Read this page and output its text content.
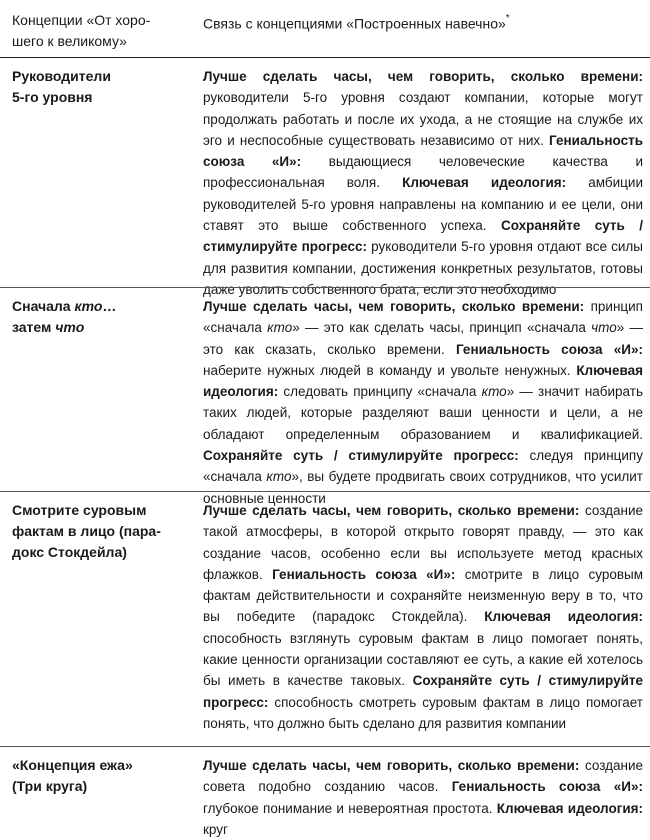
Концепции «От хоро-
шего к великому»
Связь с концепциями «Построенных навечно»*
Руководители
5-го уровня
Лучше сделать часы, чем говорить, сколько времени: руководители 5-го уровня создают компании, которые могут продолжать работать и после их ухода, а не стоящие на службе их эго и неспособные существовать независимо от них. Гениальность союза «И»: выдающиеся человеческие качества и профессиональная воля. Ключевая идеология: амбиции руководителей 5-го уровня направлены на компанию и ее цели, они ставят это выше собственного успеха. Сохраняйте суть / стимулируйте прогресс: руководители 5-го уровня отдают все силы для развития компании, достижения конкретных результатов, готовы даже уволить собственного брата, если это необходимо
Сначала кто…
затем что
Лучше сделать часы, чем говорить, сколько времени: принцип «сначала кто» — это как сделать часы, принцип «сначала что» — это как сказать, сколько времени. Гениальность союза «И»: наберите нужных людей в команду и увольте ненужных. Ключевая идеология: следовать принципу «сначала кто» — значит набирать таких людей, которые разделяют ваши ценности и цели, а не обладают определенным образованием и квалификацией. Сохраняйте суть / стимулируйте прогресс: следуя принципу «сначала кто», вы будете продвигать своих сотрудников, что усилит основные ценности
Смотрите суровым
фактам в лицо (пара-
докс Стокдейла)
Лучше сделать часы, чем говорить, сколько времени: создание такой атмосферы, в которой открыто говорят правду, — это как создание часов, особенно если вы используете метод красных флажков. Гениальность союза «И»: смотрите в лицо суровым фактам действительности и сохраняйте неизменную веру в то, что вы победите (парадокс Стокдейла). Ключевая идеология: способность взглянуть суровым фактам в лицо помогает понять, какие ценности организации составляют ее суть, а какие ей хотелось бы иметь в качестве таковых. Сохраняйте суть / стимулируйте прогресс: способность смотреть суровым фактам в лицо помогает понять, что должно быть сделано для развития компании
«Концепция ежа»
(Три круга)
Лучше сделать часы, чем говорить, сколько времени: создание совета подобно созданию часов. Гениальность союза «И»: глубокое понимание и невероятная простота. Ключевая идеология: круг
